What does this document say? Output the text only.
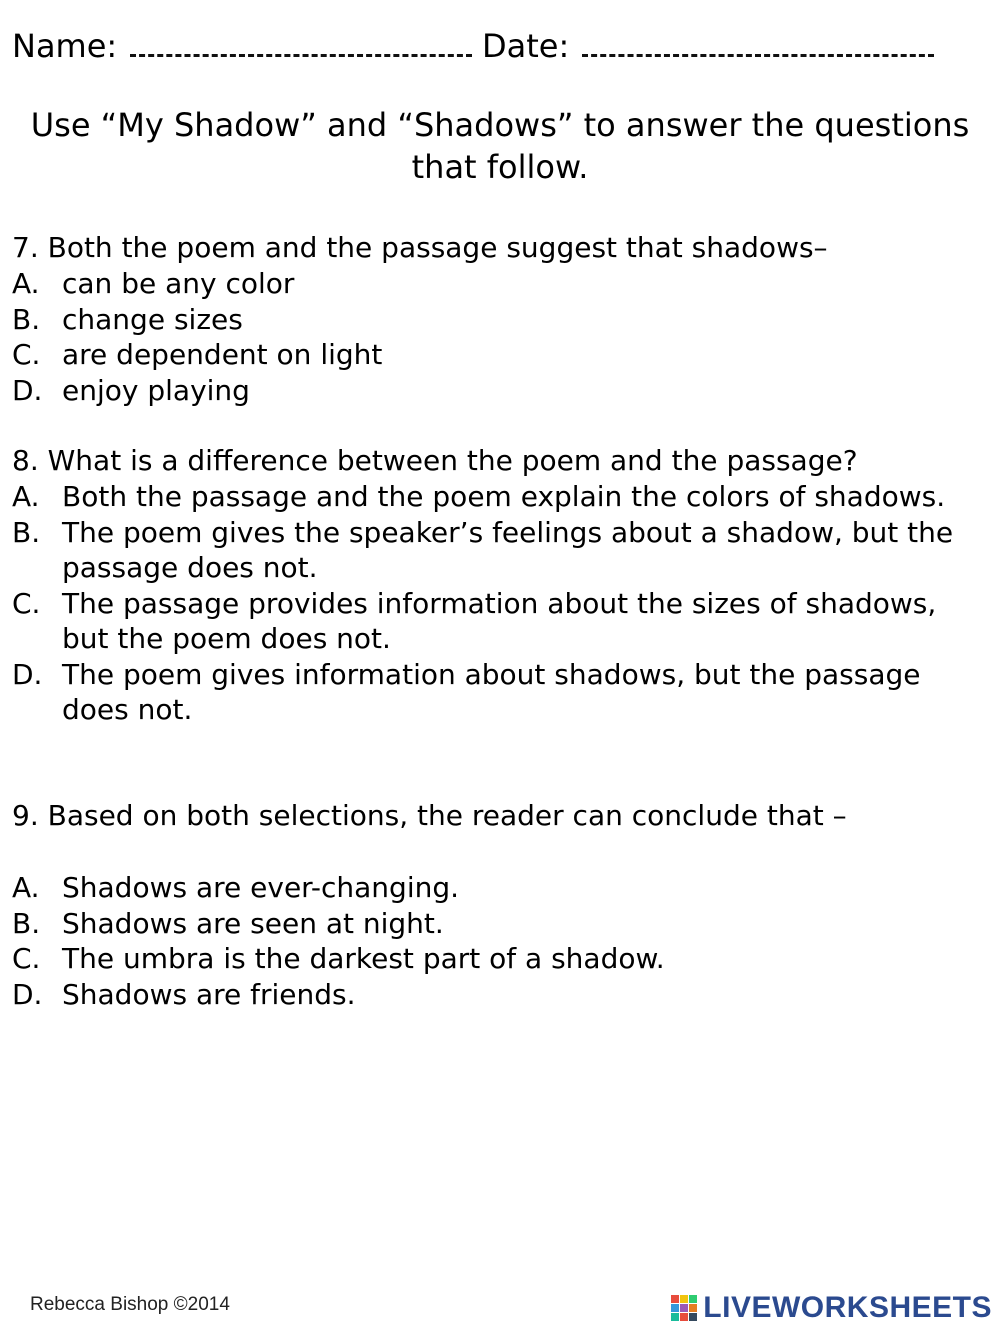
Name:	Date:
Use “My Shadow” and “Shadows” to answer the questions that follow.
7. Both the poem and the passage suggest that shadows–
A. can be any color
B. change sizes
C. are dependent on light
D. enjoy playing
8. What is a difference between the poem and the passage?
A. Both the passage and the poem explain the colors of shadows.
B. The poem gives the speaker’s feelings about a shadow, but the passage does not.
C. The passage provides information about the sizes of shadows, but the poem does not.
D. The poem gives information about shadows, but the passage does not.
9. Based on both selections, the reader can conclude that –
A. Shadows are ever-changing.
B. Shadows are seen at night.
C. The umbra is the darkest part of a shadow.
D. Shadows are friends.
Rebecca Bishop ©2014	LIVEWORKSHEETS
